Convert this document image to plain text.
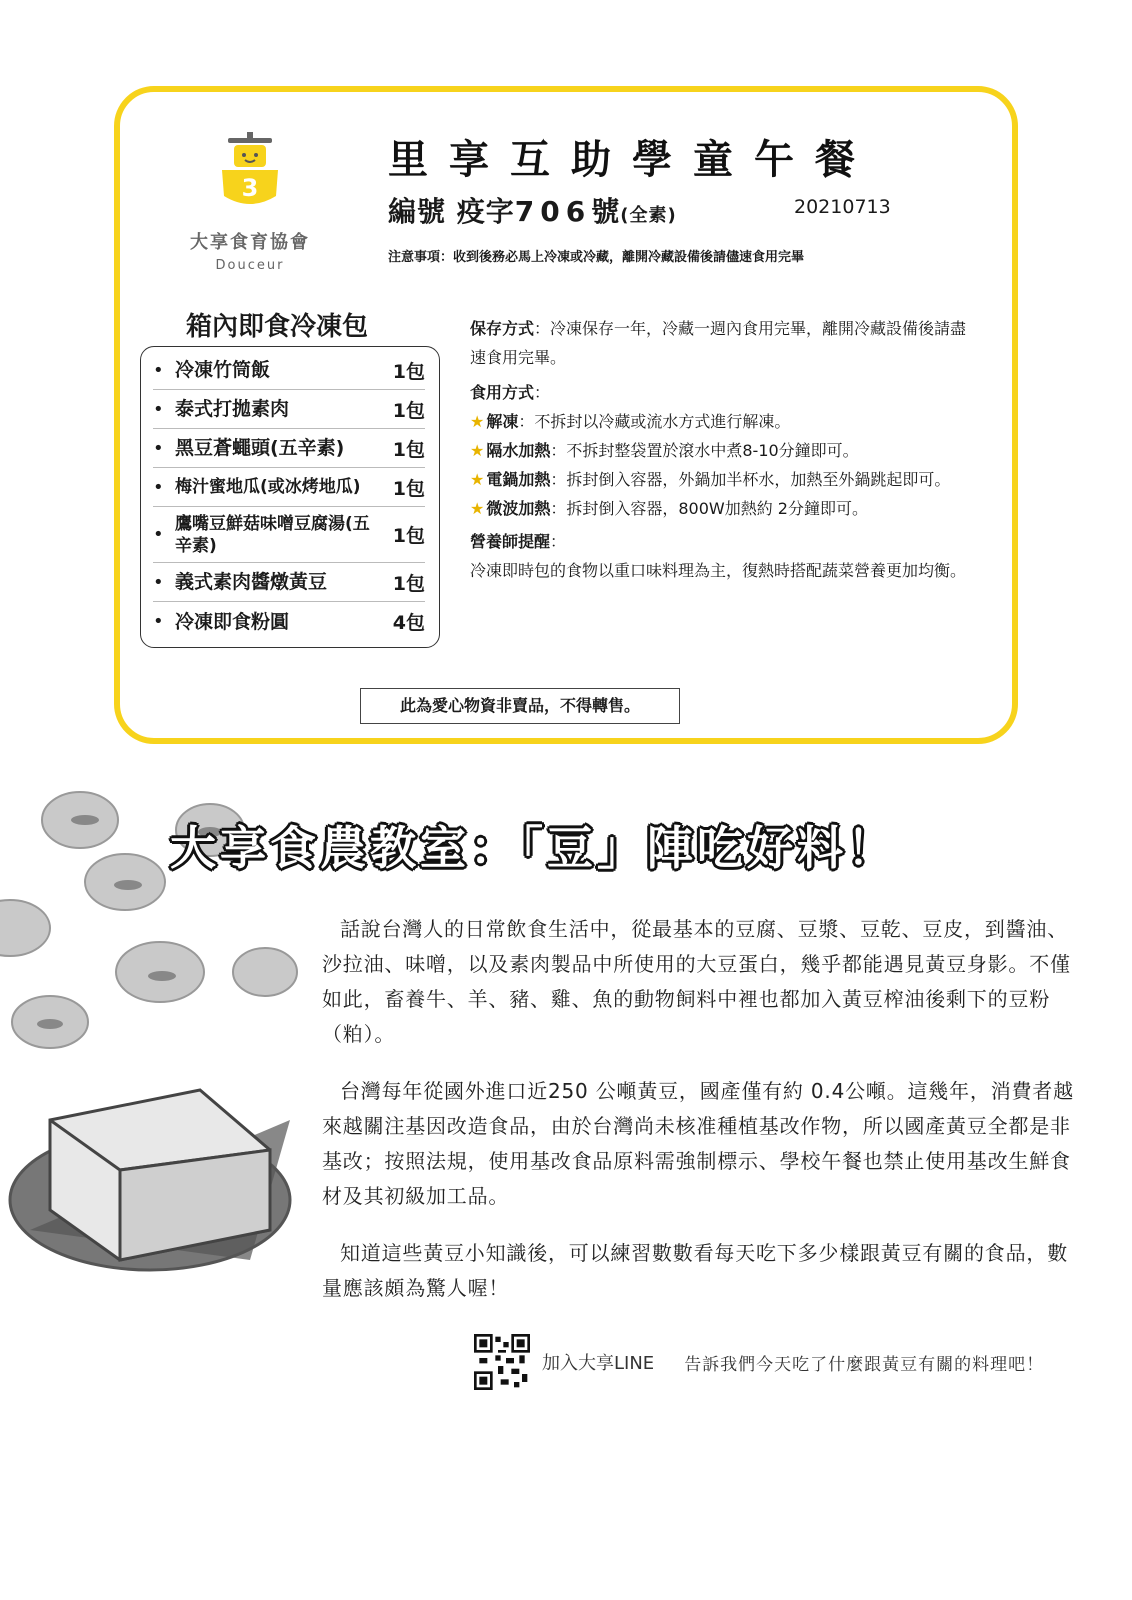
3
大享食育協會
Douceur
里享互助學童午餐
編號 疫字706號(全素)	20210713
注意事項：收到後務必馬上冷凍或冷藏，離開冷藏設備後請儘速食用完畢
箱內即食冷凍包
• 冷凍竹筒飯	1包
• 泰式打拋素肉	1包
• 黑豆蒼蠅頭(五辛素)	1包
• 梅汁蜜地瓜(或冰烤地瓜)	1包
•
鷹嘴豆鮮菇味噌豆腐湯(五辛素)	1包
• 義式素肉醬燉黃豆	1包
• 冷凍即食粉圓	4包
保存方式：冷凍保存一年，冷藏一週內食用完畢，離開冷藏設備後請盡速食用完畢。
食用方式：
★ 解凍：不拆封以冷藏或流水方式進行解凍。
★ 隔水加熱：不拆封整袋置於滾水中煮8-10分鐘即可。
★ 電鍋加熱：拆封倒入容器，外鍋加半杯水，加熱至外鍋跳起即可。
★ 微波加熱：拆封倒入容器，800W加熱約 2分鐘即可。
營養師提醒：
冷凍即時包的食物以重口味料理為主，復熱時搭配蔬菜營養更加均衡。
此為愛心物資非賣品，不得轉售。
大享食農教室：「豆」陣吃好料！

話說台灣人的日常飲食生活中，從最基本的豆腐、豆漿、豆乾、豆皮，到醬油、沙拉油、味噌，以及素肉製品中所使用的大豆蛋白，幾乎都能遇見黃豆身影。不僅如此，畜養牛、羊、豬、雞、魚的動物飼料中裡也都加入黃豆榨油後剩下的豆粉（粕）。

台灣每年從國外進口近250 公噸黃豆，國產僅有約 0.4公噸。這幾年，消費者越來越關注基因改造食品，由於台灣尚未核准種植基改作物，所以國產黃豆全都是非基改；按照法規，使用基改食品原料需強制標示、學校午餐也禁止使用基改生鮮食材及其初級加工品。

知道這些黃豆小知識後，可以練習數數看每天吃下多少樣跟黃豆有關的食品，數量應該頗為驚人喔！

加入大享LINE 告訴我們今天吃了什麼跟黃豆有關的料理吧！
